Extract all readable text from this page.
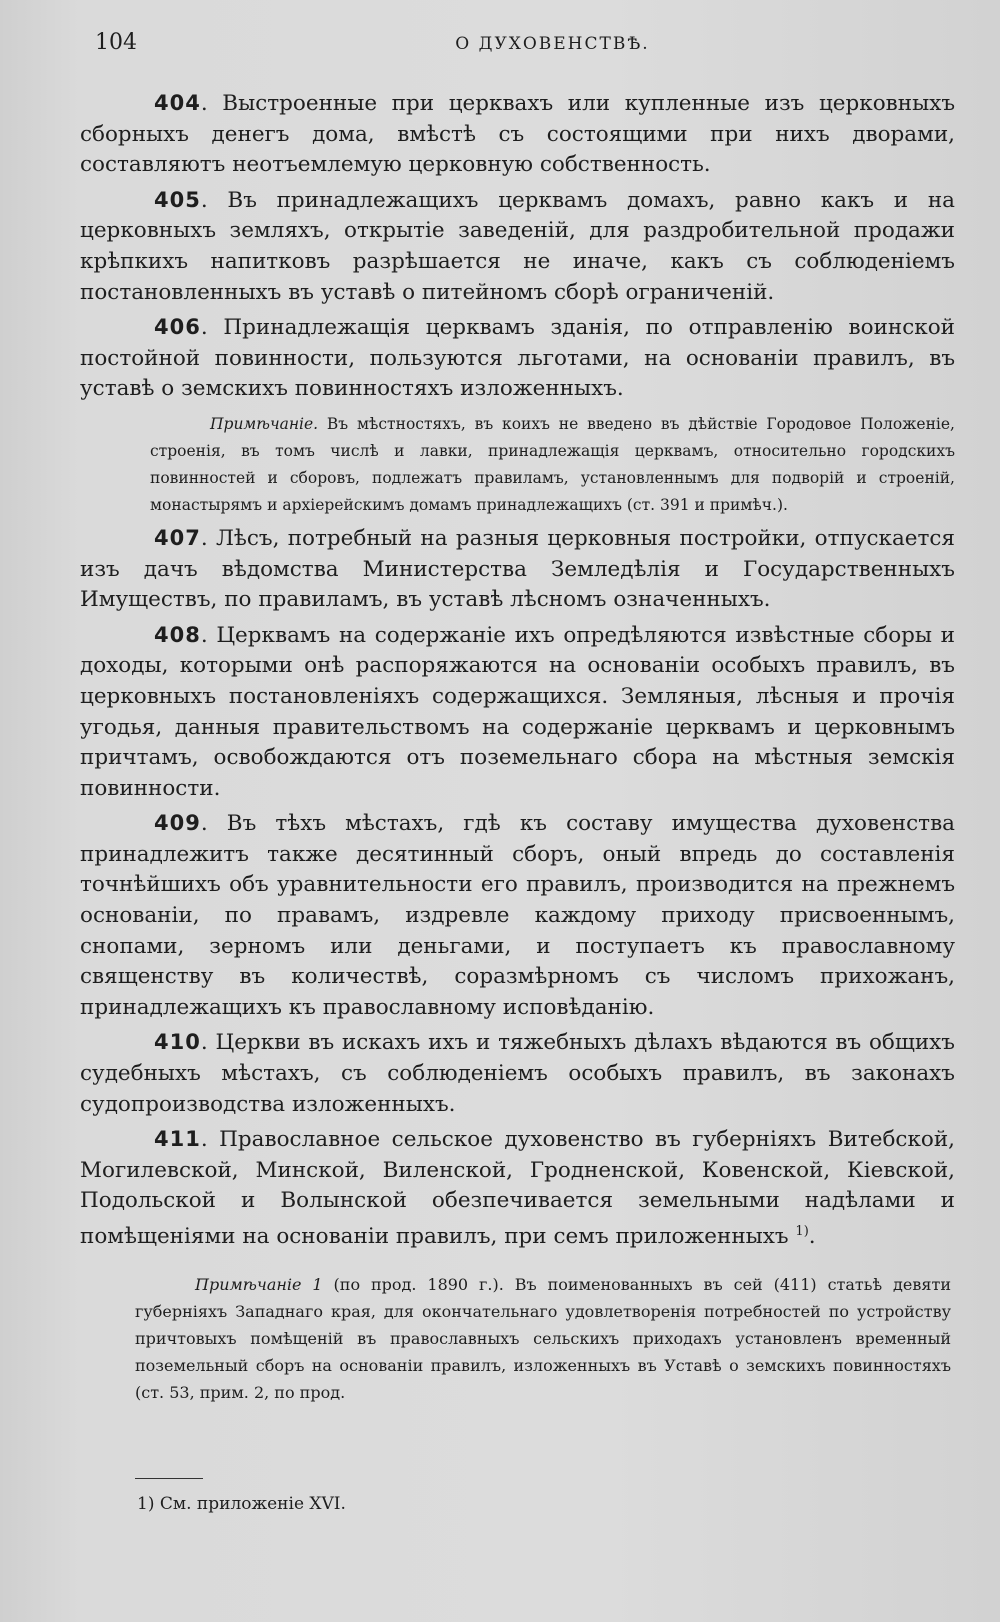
104	О ДУХОВЕНСТВѢ.

404. Выстроенные при церквахъ или купленные изъ церковныхъ сборныхъ денегъ дома, вмѣстѣ съ состоящими при нихъ дворами, составляютъ неотъемлемую церковную собственность.

405. Въ принадлежащихъ церквамъ домахъ, равно какъ и на церковныхъ земляхъ, открытіе заведеній, для раздробительной продажи крѣпкихъ напитковъ разрѣшается не иначе, какъ съ соблюденіемъ постановленныхъ въ уставѣ о питейномъ сборѣ ограниченій.

406. Принадлежащія церквамъ зданія, по отправленію воинской постойной повинности, пользуются льготами, на основаніи правилъ, въ уставѣ о земскихъ повинностяхъ изложенныхъ.

Примѣчаніе. Въ мѣстностяхъ, въ коихъ не введено въ дѣйствіе Городовое Положеніе, строенія, въ томъ числѣ и лавки, принадлежащія церквамъ, относительно городскихъ повинностей и сборовъ, подлежатъ правиламъ, установленнымъ для подворій и строеній, монастырямъ и архіерейскимъ домамъ принадлежащихъ (ст. 391 и примѣч.).

407. Лѣсъ, потребный на разныя церковныя постройки, отпускается изъ дачъ вѣдомства Министерства Земледѣлія и Государственныхъ Имуществъ, по правиламъ, въ уставѣ лѣсномъ означенныхъ.

408. Церквамъ на содержаніе ихъ опредѣляются извѣстные сборы и доходы, которыми онѣ распоряжаются на основаніи особыхъ правилъ, въ церковныхъ постановленіяхъ содержащихся. Земляныя, лѣсныя и прочія угодья, данныя правительствомъ на содержаніе церквамъ и церковнымъ причтамъ, освобождаются отъ поземельнаго сбора на мѣстныя земскія повинности.

409. Въ тѣхъ мѣстахъ, гдѣ къ составу имущества духовенства принадлежитъ также десятинный сборъ, оный впредь до составленія точнѣйшихъ объ уравнительности его правилъ, производится на прежнемъ основаніи, по правамъ, издревле каждому приходу присвоеннымъ, снопами, зерномъ или деньгами, и поступаетъ къ православному священству въ количествѣ, соразмѣрномъ съ числомъ прихожанъ, принадлежащихъ къ православному исповѣданію.

410. Церкви въ искахъ ихъ и тяжебныхъ дѣлахъ вѣдаются въ общихъ судебныхъ мѣстахъ, съ соблюденіемъ особыхъ правилъ, въ законахъ судопроизводства изложенныхъ.

411. Православное сельское духовенство въ губерніяхъ Витебской, Могилевской, Минской, Виленской, Гродненской, Ковенской, Кіевской, Подольской и Волынской обезпечивается земельными надѣлами и помѣщеніями на основаніи правилъ, при семъ приложенныхъ $^{1)}$.

Примѣчаніе 1 (по прод. 1890 г.). Въ поименованныхъ въ сей (411) статьѣ девяти губерніяхъ Западнаго края, для окончательнаго удовлетворенія потребностей по устройству причтовыхъ помѣщеній въ православныхъ сельскихъ приходахъ установленъ временный поземельный сборъ на основаніи правилъ, изложенныхъ въ Уставѣ о земскихъ повинностяхъ (ст. 53, прим. 2, по прод.

1) См. приложеніе XVI.
